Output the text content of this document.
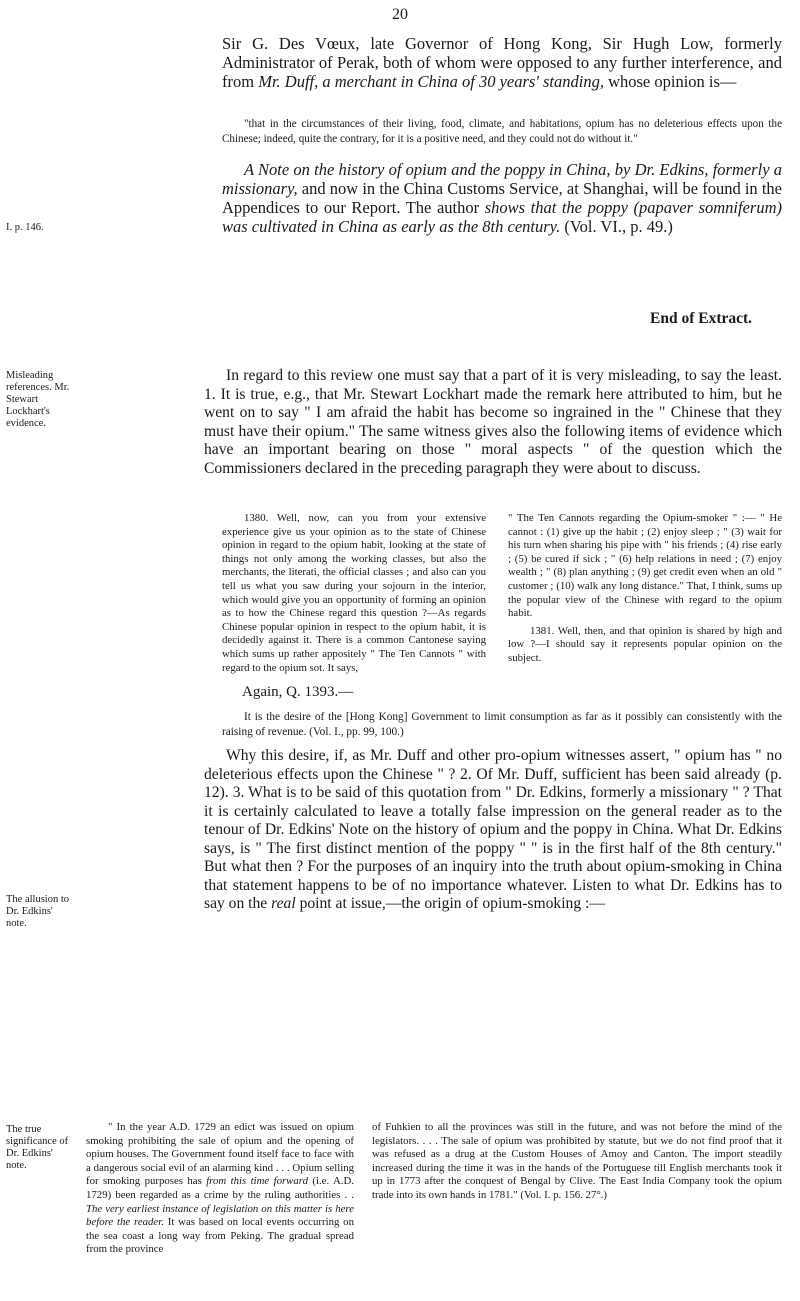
20

Sir G. Des Vœux, late Governor of Hong Kong, Sir Hugh Low, formerly Administrator of Perak, both of whom were opposed to any further interference, and from Mr. Duff, a merchant in China of 30 years' standing, whose opinion is—

"that in the circumstances of their living, food, climate, and habitations, opium has no deleterious effects upon the Chinese; indeed, quite the contrary, for it is a positive need, and they could not do without it."

A Note on the history of opium and the poppy in China, by Dr. Edkins, formerly a missionary, and now in the China Customs Service, at Shanghai, will be found in the Appendices to our Report. The author shows that the poppy (papaver somniferum) was cultivated in China as early as the 8th century. (Vol. VI., p. 49.)

I. p. 146.
End of Extract.
Misleading references. Mr. Stewart Lockhart's evidence.
In regard to this review one must say that a part of it is very misleading, to say the least. 1. It is true, e.g., that Mr. Stewart Lockhart made the remark here attributed to him, but he went on to say " I am afraid the habit has become so ingrained in the " Chinese that they must have their opium." The same witness gives also the following items of evidence which have an important bearing on those " moral aspects " of the question which the Commissioners declared in the preceding paragraph they were about to discuss.
1380. Well, now, can you from your extensive experience give us your opinion as to the state of Chinese opinion in regard to the opium habit, looking at the state of things not only among the working classes, but also the merchants, the literati, the official classes ; and also can you tell us what you saw during your sojourn in the interior, which would give you an opportunity of forming an opinion as to how the Chinese regard this question ?—As regards Chinese popular opinion in respect to the opium habit, it is decidedly against it. There is a common Cantonese saying which sums up rather appositely " The Ten Cannots " with regard to the opium sot. It says,

" The Ten Cannots regarding the Opium-smoker " :— " He cannot : (1) give up the habit ; (2) enjoy sleep ; " (3) wait for his turn when sharing his pipe with " his friends ; (4) rise early ; (5) be cured if sick ; " (6) help relations in need ; (7) enjoy wealth ; " (8) plan anything ; (9) get credit even when an old " customer ; (10) walk any long distance." That, I think, sums up the popular view of the Chinese with regard to the opium habit.

1381. Well, then, and that opinion is shared by high and low ?—I should say it represents popular opinion on the subject.

Again, Q. 1393.—
It is the desire of the [Hong Kong] Government to limit consumption as far as it possibly can consistently with the raising of revenue. (Vol. I., pp. 99, 100.)
The allusion to Dr. Edkins' note.

Why this desire, if, as Mr. Duff and other pro-opium witnesses assert, " opium has " no deleterious effects upon the Chinese " ? 2. Of Mr. Duff, sufficient has been said already (p. 12). 3. What is to be said of this quotation from " Dr. Edkins, formerly a missionary " ? That it is certainly calculated to leave a totally false impression on the general reader as to the tenour of Dr. Edkins' Note on the history of opium and the poppy in China. What Dr. Edkins says, is " The first distinct mention of the poppy " " is in the first half of the 8th century." But what then ? For the purposes of an inquiry into the truth about opium-smoking in China that statement happens to be of no importance whatever. Listen to what Dr. Edkins has to say on the real point at issue,—the origin of opium-smoking :—

The true significance of Dr. Edkins' note.

" In the year A.D. 1729 an edict was issued on opium smoking prohibiting the sale of opium and the opening of opium houses. The Government found itself face to face with a dangerous social evil of an alarming kind . . . Opium selling for smoking purposes has from this time forward (i.e. A.D. 1729) been regarded as a crime by the ruling authorities . . The very earliest instance of legislation on this matter is here before the reader. It was based on local events occurring on the sea coast a long way from Peking. The gradual spread from the province

of Fuhkien to all the provinces was still in the future, and was not before the mind of the legislators. . . . The sale of opium was prohibited by statute, but we do not find proof that it was refused as a drug at the Custom Houses of Amoy and Canton. The import steadily increased during the time it was in the hands of the Portuguese till English merchants took it up in 1773 after the conquest of Bengal by Clive. The East India Company took the opium trade into its own hands in 1781." (Vol. I. p. 156. 27°.)
